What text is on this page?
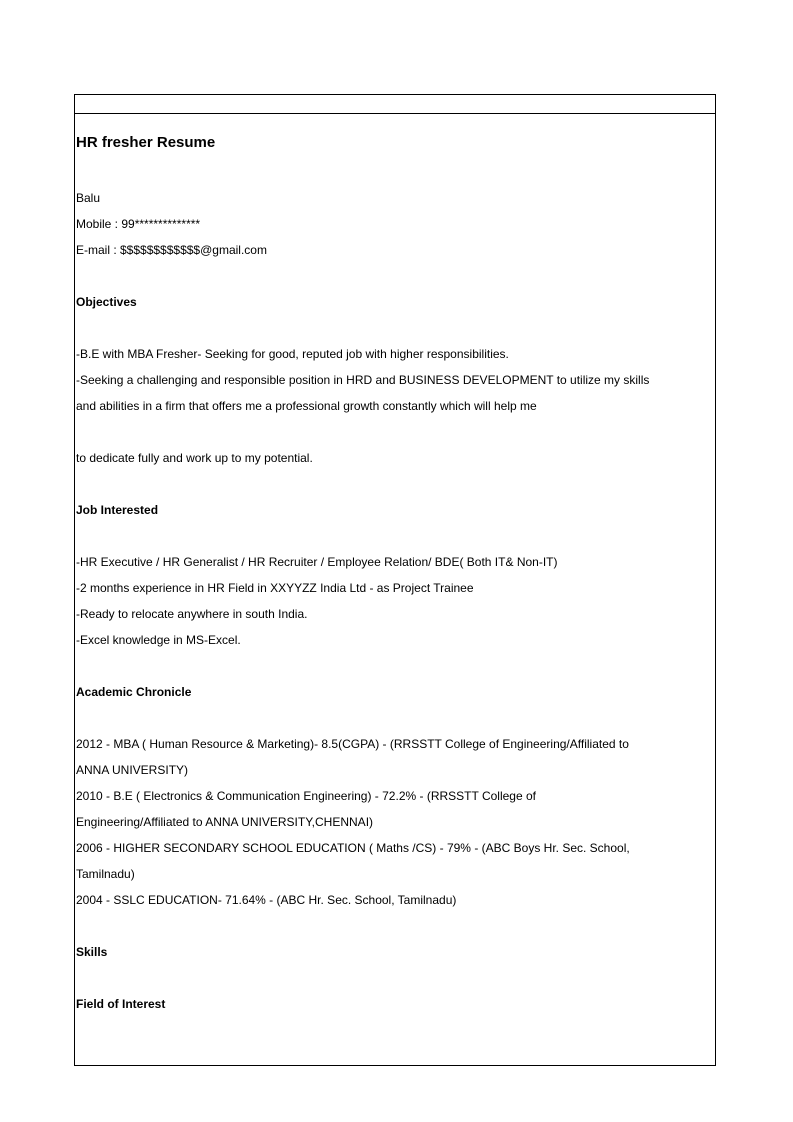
HR fresher Resume
Balu
Mobile : 99**************
E-mail : $$$$$$$$$$$$@gmail.com
Objectives
-B.E with MBA Fresher- Seeking for good, reputed job with higher responsibilities.
-Seeking a challenging and responsible position in HRD and BUSINESS DEVELOPMENT to utilize my skills
and abilities in a firm that offers me a professional growth constantly which will help me
to dedicate fully and work up to my potential.
Job Interested
-HR Executive / HR Generalist / HR Recruiter / Employee Relation/ BDE( Both IT& Non-IT)
-2 months experience in HR Field in XXYYZZ India Ltd - as Project Trainee
-Ready to relocate anywhere in south India.
-Excel knowledge in MS-Excel.
Academic Chronicle
2012 - MBA ( Human Resource & Marketing)- 8.5(CGPA) - (RRSSTT College of Engineering/Affiliated to
ANNA UNIVERSITY)
2010 - B.E ( Electronics & Communication Engineering) - 72.2% - (RRSSTT College of
Engineering/Affiliated to ANNA UNIVERSITY,CHENNAI)
2006 - HIGHER SECONDARY SCHOOL EDUCATION ( Maths /CS) - 79% - (ABC Boys Hr. Sec. School,
Tamilnadu)
2004 - SSLC EDUCATION- 71.64% - (ABC Hr. Sec. School, Tamilnadu)
Skills
Field of Interest
